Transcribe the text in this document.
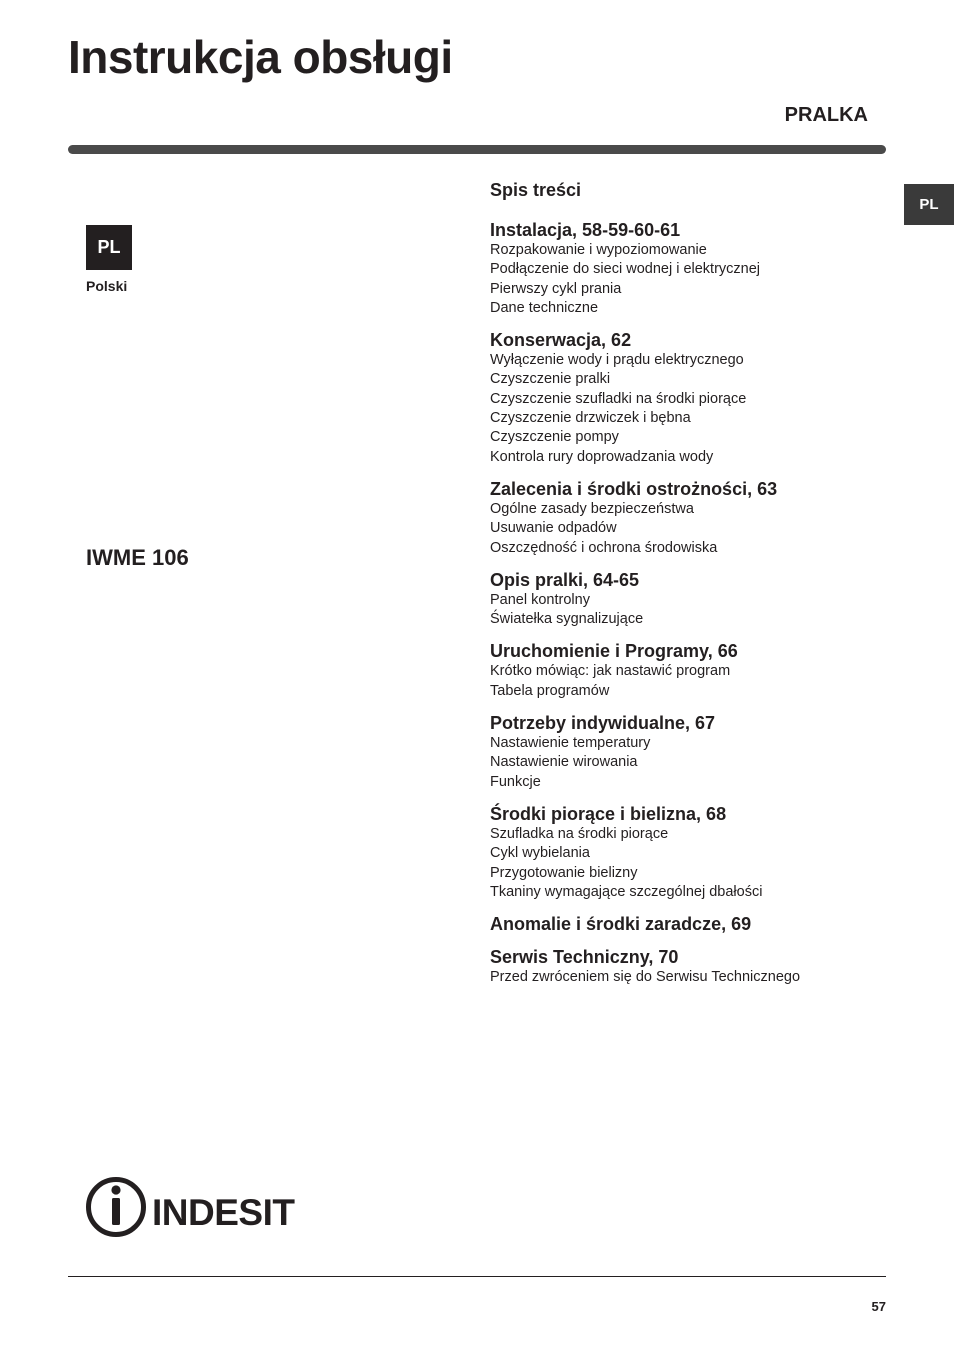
Instrukcja obsługi
PRALKA
PL
PL
Polski
IWME 106
Spis treści
Instalacja, 58-59-60-61
Rozpakowanie i wypoziomowanie
Podłączenie do sieci wodnej i elektrycznej
Pierwszy cykl prania
Dane techniczne
Konserwacja, 62
Wyłączenie wody i prądu elektrycznego
Czyszczenie pralki
Czyszczenie szufladki na środki piorące
Czyszczenie drzwiczek i bębna
Czyszczenie pompy
Kontrola rury doprowadzania wody
Zalecenia i środki ostrożności, 63
Ogólne zasady bezpieczeństwa
Usuwanie odpadów
Oszczędność i ochrona środowiska
Opis pralki, 64-65
Panel kontrolny
Światełka sygnalizujące
Uruchomienie i Programy, 66
Krótko mówiąc: jak nastawić program
Tabela programów
Potrzeby indywidualne, 67
Nastawienie temperatury
Nastawienie wirowania
Funkcje
Środki piorące i bielizna, 68
Szufladka na środki piorące
Cykl wybielania
Przygotowanie bielizny
Tkaniny wymagające szczególnej dbałości
Anomalie i środki zaradcze, 69
Serwis Techniczny, 70
Przed zwróceniem się do Serwisu Technicznego
INDESIT
57
